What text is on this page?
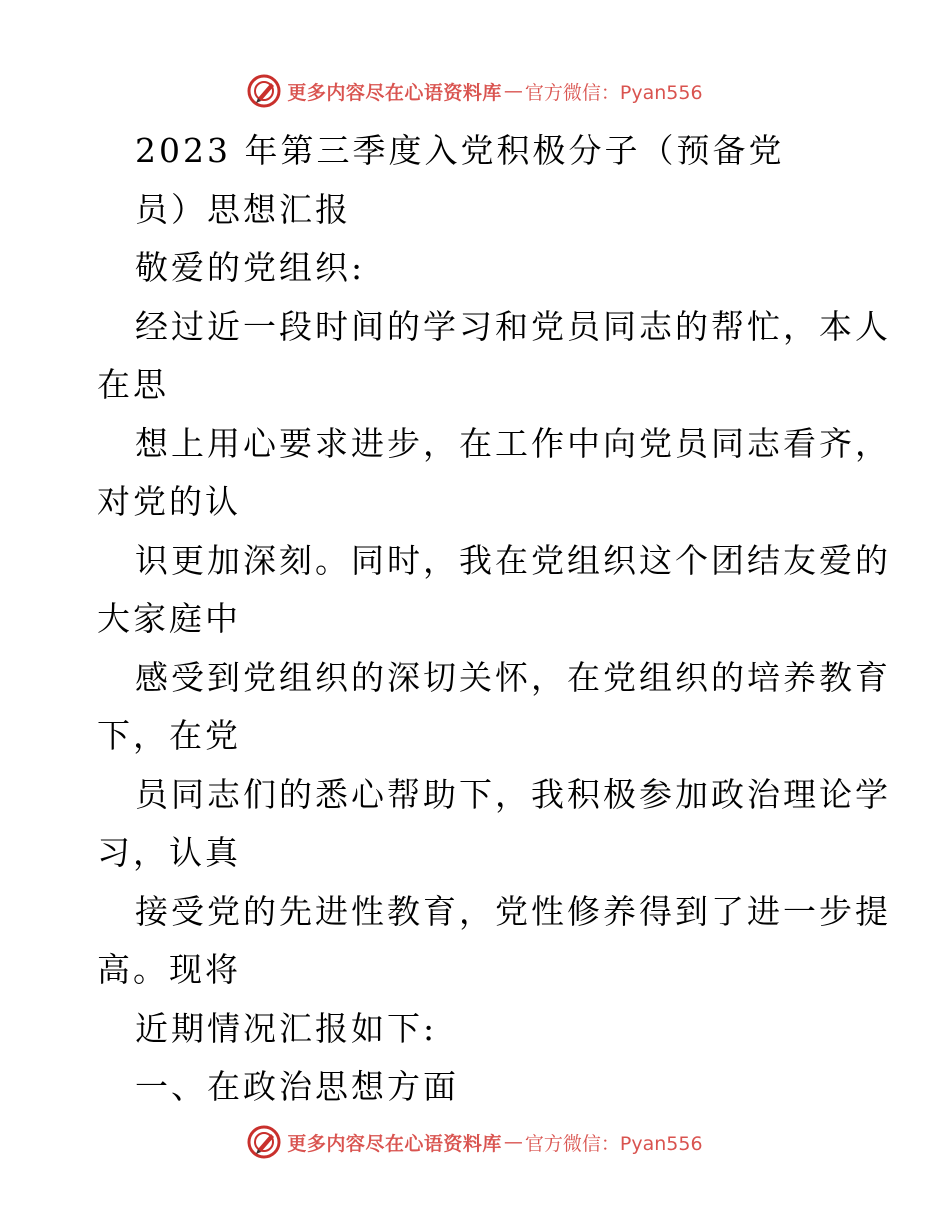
更多内容尽在心语资料库 — 官方微信：Pyan556
2023 年第三季度入党积极分子（预备党
员）思想汇报
敬爱的党组织:
经过近一段时间的学习和党员同志的帮忙，本人
在思
想上用心要求进步，在工作中向党员同志看齐，
对党的认
识更加深刻。同时，我在党组织这个团结友爱的
大家庭中
感受到党组织的深切关怀，在党组织的培养教育
下，在党
员同志们的悉心帮助下，我积极参加政治理论学
习，认真
接受党的先进性教育，党性修养得到了进一步提
高。现将
近期情况汇报如下:
一、在政治思想方面
更多内容尽在心语资料库 — 官方微信：Pyan556
